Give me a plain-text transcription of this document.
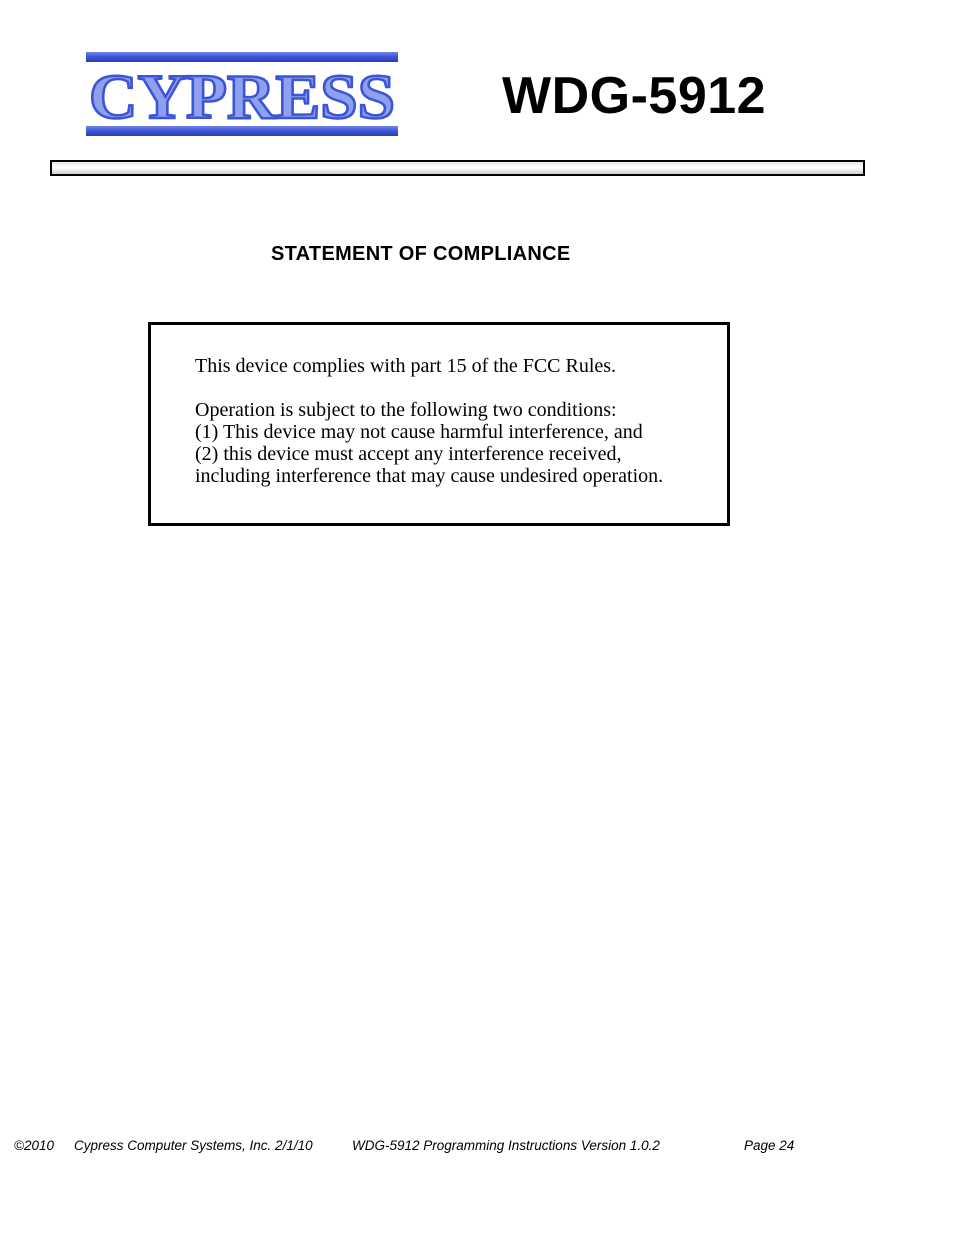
CYPRESS WDG-5912
STATEMENT OF COMPLIANCE
This device complies with part 15 of the FCC Rules.
Operation is subject to the following two conditions:
(1) This device may not cause harmful interference, and
(2) this device must accept any interference received,
including interference that may cause undesired operation.
©2010 Cypress Computer Systems, Inc. 2/1/10	WDG-5912 Programming Instructions Version 1.0.2	Page 24
